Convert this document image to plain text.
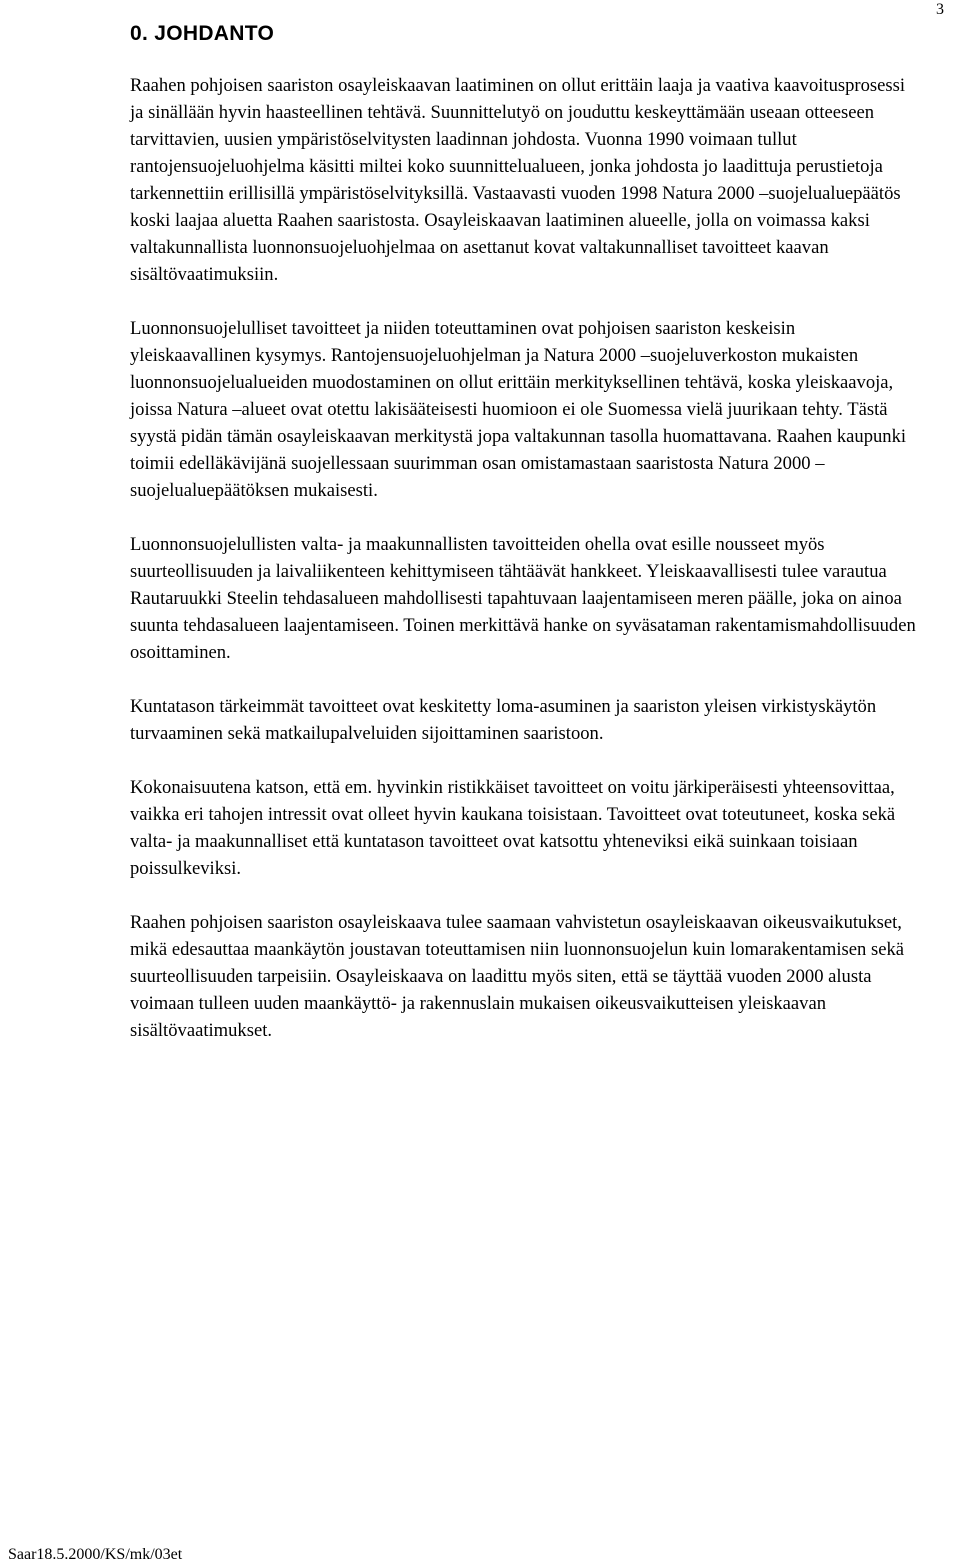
3
0. JOHDANTO

Raahen pohjoisen saariston osayleiskaavan laatiminen on ollut erittäin laaja ja vaativa kaavoitusprosessi ja sinällään hyvin haasteellinen tehtävä. Suunnittelutyö on jouduttu keskeyttämään useaan otteeseen tarvittavien, uusien ympäristöselvitysten laadinnan johdosta. Vuonna 1990 voimaan tullut rantojensuojeluohjelma käsitti miltei koko suunnittelualueen, jonka johdosta jo laadittuja perustietoja tarkennettiin erillisillä ympäristöselvityksillä. Vastaavasti vuoden 1998 Natura 2000 –suojelualuepäätös koski laajaa aluetta Raahen saaristosta. Osayleiskaavan laatiminen alueelle, jolla on voimassa kaksi valtakunnallista luonnonsuojeluohjelmaa on asettanut kovat valtakunnalliset tavoitteet kaavan sisältövaatimuksiin.

Luonnonsuojelulliset tavoitteet ja niiden toteuttaminen ovat pohjoisen saariston keskeisin yleiskaavallinen kysymys. Rantojensuojeluohjelman ja Natura 2000 –suojeluverkoston mukaisten luonnonsuojelualueiden muodostaminen on ollut erittäin merkityksellinen tehtävä, koska yleiskaavoja, joissa Natura –alueet ovat otettu lakisääteisesti huomioon ei ole Suomessa vielä juurikaan tehty. Tästä syystä pidän tämän osayleiskaavan merkitystä jopa valtakunnan tasolla huomattavana. Raahen kaupunki toimii edelläkävijänä suojellessaan suurimman osan omistamastaan saaristosta Natura 2000 –suojelualuepäätöksen mukaisesti.

Luonnonsuojelullisten valta- ja maakunnallisten tavoitteiden ohella ovat esille nousseet myös suurteollisuuden ja laivaliikenteen kehittymiseen tähtäävät hankkeet. Yleiskaavallisesti tulee varautua Rautaruukki Steelin tehdasalueen mahdollisesti tapahtuvaan laajentamiseen meren päälle, joka on ainoa suunta tehdasalueen laajentamiseen. Toinen merkittävä hanke on syväsataman rakentamismahdollisuuden osoittaminen.

Kuntatason tärkeimmät tavoitteet ovat keskitetty loma-asuminen ja saariston yleisen virkistyskäytön turvaaminen sekä matkailupalveluiden sijoittaminen saaristoon.

Kokonaisuutena katson, että em. hyvinkin ristikkäiset tavoitteet on voitu järkiperäisesti yhteensovittaa, vaikka eri tahojen intressit ovat olleet hyvin kaukana toisistaan. Tavoitteet ovat toteutuneet, koska sekä valta- ja maakunnalliset että kuntatason tavoitteet ovat katsottu yhteneviksi eikä suinkaan toisiaan poissulkeviksi.

Raahen pohjoisen saariston osayleiskaava tulee saamaan vahvistetun osayleiskaavan oikeusvaikutukset, mikä edesauttaa maankäytön joustavan toteuttamisen niin luonnonsuojelun kuin lomarakentamisen sekä suurteollisuuden tarpeisiin. Osayleiskaava on laadittu myös siten, että se täyttää vuoden 2000 alusta voimaan tulleen uuden maankäyttö- ja rakennuslain mukaisen oikeusvaikutteisen yleiskaavan sisältövaatimukset.

Saar18.5.2000/KS/mk/03et
